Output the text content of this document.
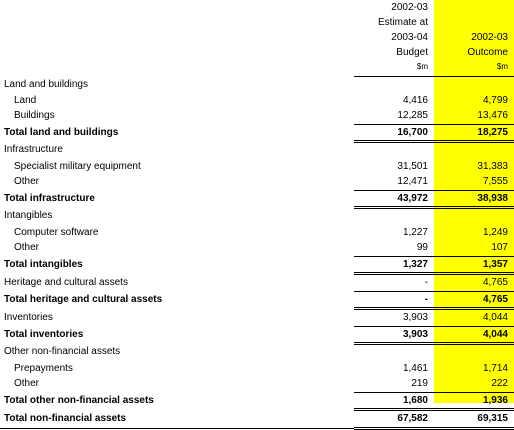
	2002-03	
	Estimate at	
	2003-04	2002-03
	Budget	Outcome
	$m	$m
Land and buildings		
Land	4,416	4,799
Buildings	12,285	13,476
Total land and buildings	16,700	18,275
Infrastructure		
Specialist military equipment	31,501	31,383
Other	12,471	7,555
Total infrastructure	43,972	38,938
Intangibles		
Computer software	1,227	1,249
Other	99	107
Total intangibles	1,327	1,357
Heritage and cultural assets	-	4,765
Total heritage and cultural assets	-	4,765
Inventories	3,903	4,044
Total inventories	3,903	4,044
Other non-financial assets		
Prepayments	1,461	1,714
Other	219	222
Total other non-financial assets	1,680	1,936
Total non-financial assets	67,582	69,315
